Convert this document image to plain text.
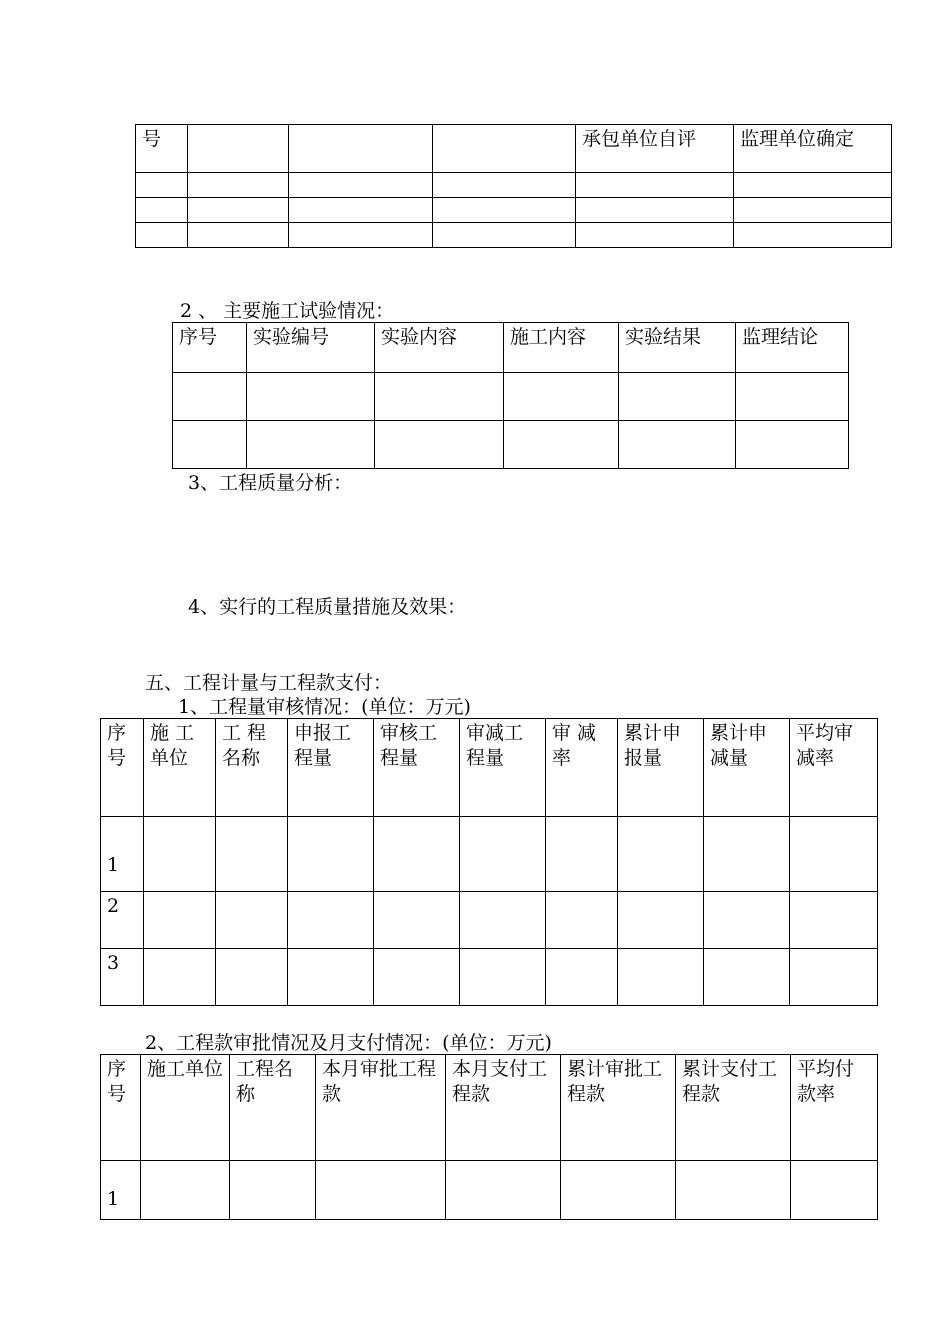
号				承包单位自评	监理单位确定

2 、 主要施工试验情况：
序号	实验编号	实验内容	施工内容	实验结果	监理结论

3、工程质量分析：
4、实行的工程质量措施及效果：
五、工程计量与工程款支付：
1、工程量审核情况：(单位：万元)
序号	施 工单位	工 程名称	申报工程量	审核工程量	审减工程量	审 减率	累计申报量	累计申减量	平均审减率
1									
2									
3									
2、工程款审批情况及月支付情况：(单位：万元)
序号	施工单位	工程名称	本月审批工程款	本月支付工程款	累计审批工程款	累计支付工程款	平均付款率
1							
